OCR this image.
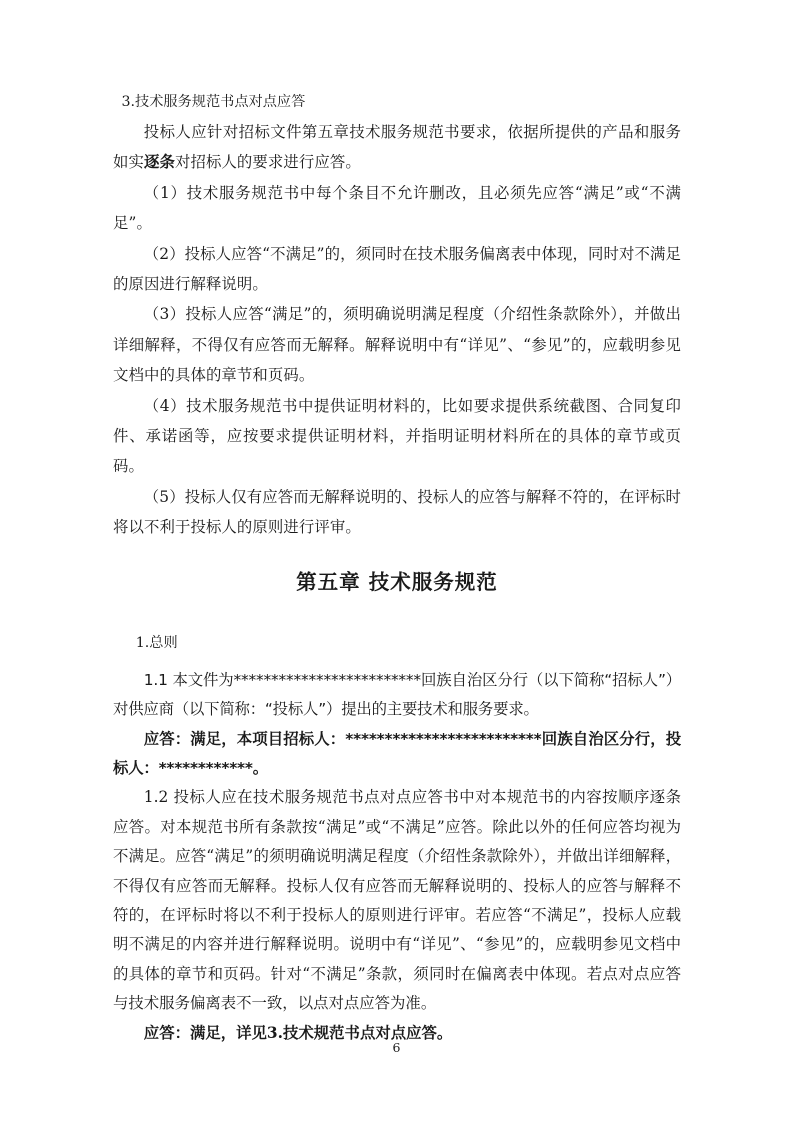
3.技术服务规范书点对点应答

投标人应针对招标文件第五章技术服务规范书要求，依据所提供的产品和服务如实逐条对招标人的要求进行应答。

（1）技术服务规范书中每个条目不允许删改，且必须先应答“满足”或“不满足”。

（2）投标人应答“不满足”的，须同时在技术服务偏离表中体现，同时对不满足的原因进行解释说明。

（3）投标人应答“满足”的，须明确说明满足程度（介绍性条款除外），并做出详细解释，不得仅有应答而无解释。解释说明中有“详见”、“参见”的，应载明参见文档中的具体的章节和页码。

（4）技术服务规范书中提供证明材料的，比如要求提供系统截图、合同复印件、承诺函等，应按要求提供证明材料，并指明证明材料所在的具体的章节或页码。

（5）投标人仅有应答而无解释说明的、投标人的应答与解释不符的，在评标时将以不利于投标人的原则进行评审。

第五章 技术服务规范

1.总则

1.1 本文件为*************************回族自治区分行（以下简称“招标人”）对供应商（以下简称：“投标人”）提出的主要技术和服务要求。

应答：满足，本项目招标人：*************************回族自治区分行，投标人：************。

1.2 投标人应在技术服务规范书点对点应答书中对本规范书的内容按顺序逐条应答。对本规范书所有条款按“满足”或“不满足”应答。除此以外的任何应答均视为不满足。应答“满足”的须明确说明满足程度（介绍性条款除外），并做出详细解释，不得仅有应答而无解释。投标人仅有应答而无解释说明的、投标人的应答与解释不符的，在评标时将以不利于投标人的原则进行评审。若应答“不满足”，投标人应载明不满足的内容并进行解释说明。说明中有“详见”、“参见”的，应载明参见文档中的具体的章节和页码。针对“不满足”条款，须同时在偏离表中体现。若点对点应答与技术服务偏离表不一致，以点对点应答为准。

应答：满足，详见3.技术规范书点对点应答。

6
